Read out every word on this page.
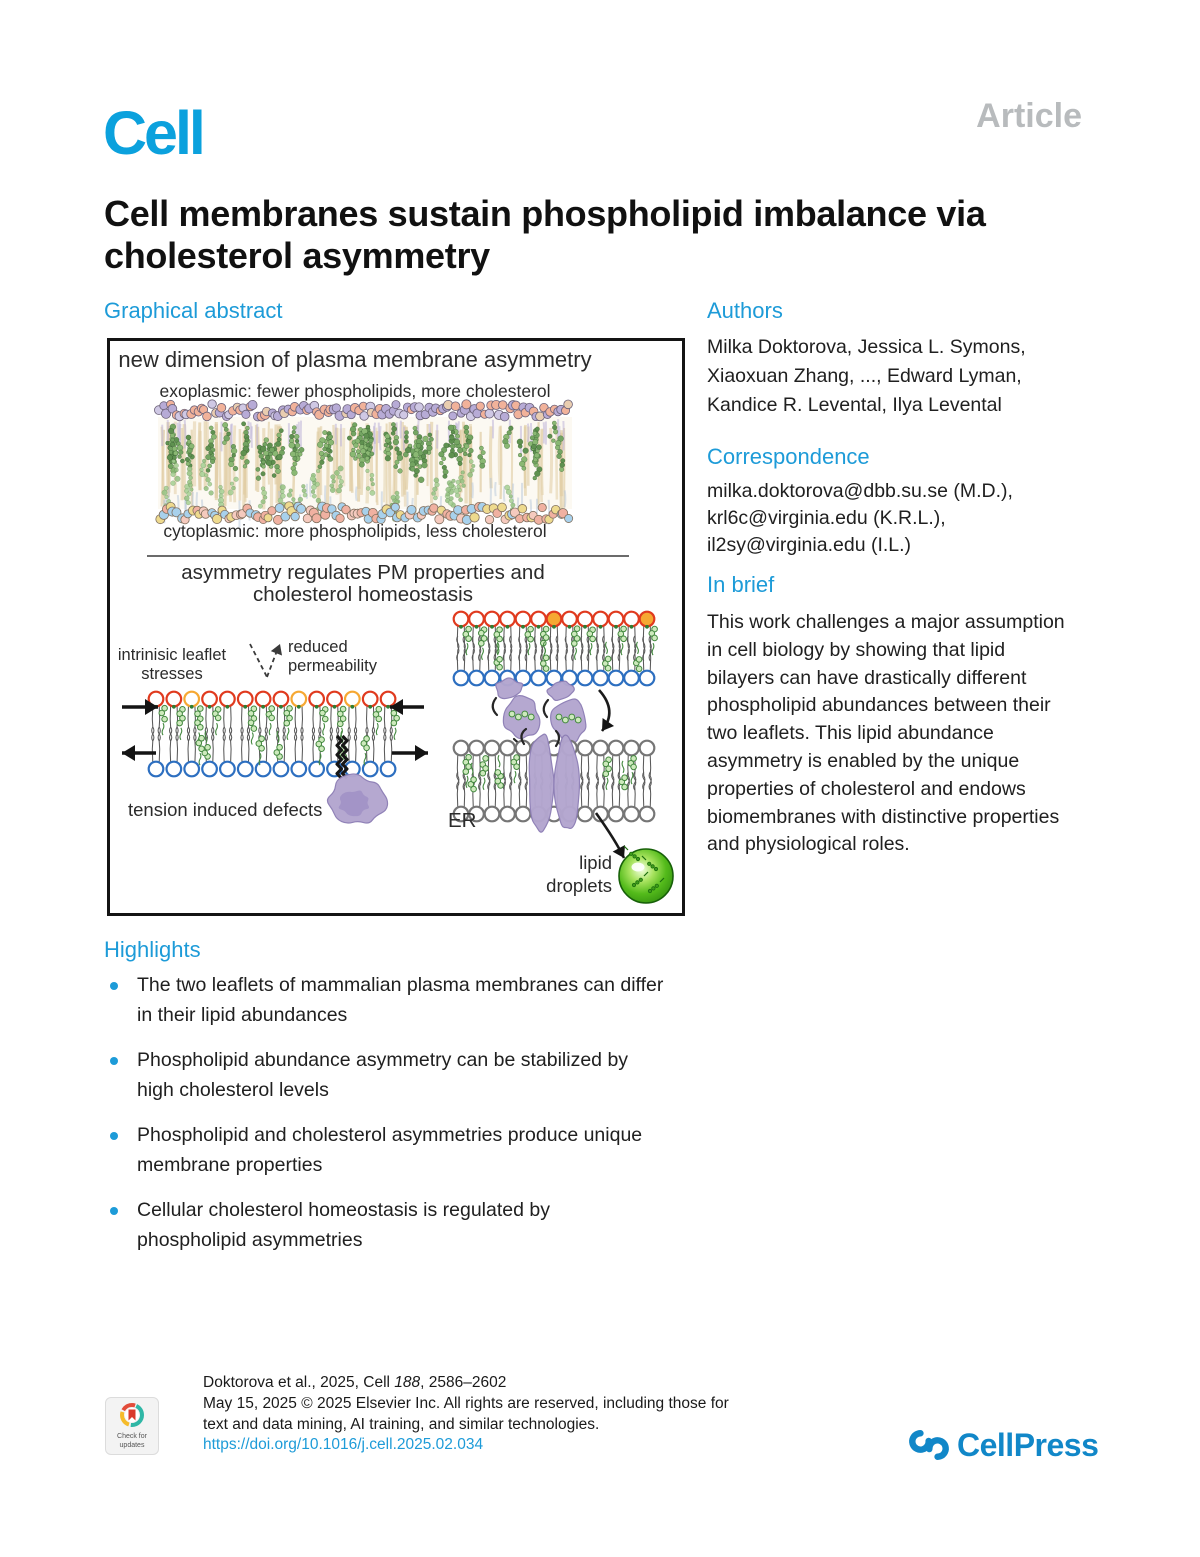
Cell	Article
Cell membranes sustain phospholipid imbalance via
cholesterol asymmetry
Graphical abstract
new dimension of plasma membrane asymmetry
exoplasmic: fewer phospholipids, more cholesterol
cytoplasmic: more phospholipids, less cholesterol
asymmetry regulates PM properties and
cholesterol homeostasis
intrinisic leaflet
stresses
reduced
permeability
tension induced defects	ER
lipid
droplets
Highlights
The two leaflets of mammalian plasma membranes can differ
in their lipid abundances
Phospholipid abundance asymmetry can be stabilized by
high cholesterol levels
Phospholipid and cholesterol asymmetries produce unique
membrane properties
Cellular cholesterol homeostasis is regulated by
phospholipid asymmetries
Authors
Milka Doktorova, Jessica L. Symons,
Xiaoxuan Zhang, ..., Edward Lyman,
Kandice R. Levental, Ilya Levental
Correspondence
milka.doktorova@dbb.su.se (M.D.),
krl6c@virginia.edu (K.R.L.),
il2sy@virginia.edu (I.L.)
In brief
This work challenges a major assumption
in cell biology by showing that lipid
bilayers can have drastically different
phospholipid abundances between their
two leaflets. This lipid abundance
asymmetry is enabled by the unique
properties of cholesterol and endows
biomembranes with distinctive properties
and physiological roles.
Check for
updates
Doktorova et al., 2025, Cell 188, 2586–2602
May 15, 2025 © 2025 Elsevier Inc. All rights are reserved, including those for
text and data mining, AI training, and similar technologies.
https://doi.org/10.1016/j.cell.2025.02.034	CellPress
